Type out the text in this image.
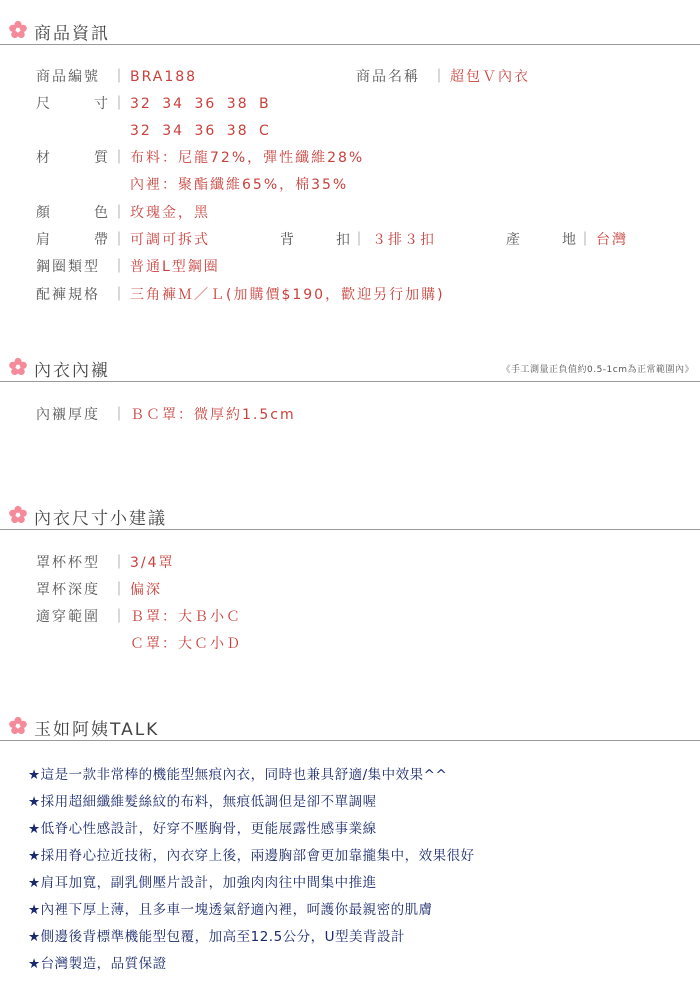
商品資訊
商品編號 ｜ BRA188	商品名稱 ｜ 超包Ｖ內衣
尺	寸 ｜ 32 34 36 38 B
32 34 36 38 C
材	質 ｜ 布料：尼龍72%，彈性纖維28%
內裡：聚酯纖維65%，棉35%
顏	色 ｜ 玫瑰金，黑
肩	帶 ｜ 可調可拆式	背	扣 ｜ ３排３扣	產	地 ｜ 台灣
鋼圈類型 ｜ 普通L型鋼圈
配褲規格 ｜ 三角褲Ｍ／Ｌ(加購價$190，歡迎另行加購)
內衣內襯	《手工測量正負值約0.5-1cm為正常範圍內》
內襯厚度 ｜ ＢＣ罩：微厚約1.5cm
內衣尺寸小建議
罩杯杯型 ｜ 3/4罩
罩杯深度 ｜ 偏深
適穿範圍 ｜ Ｂ罩：大Ｂ小Ｃ
Ｃ罩：大Ｃ小Ｄ
玉如阿姨TALK
★這是一款非常棒的機能型無痕內衣，同時也兼具舒適/集中效果^^
★採用超細纖維髮絲紋的布料，無痕低調但是卻不單調喔
★低脊心性感設計，好穿不壓胸骨，更能展露性感事業線
★採用脊心拉近技術，內衣穿上後，兩邊胸部會更加靠攏集中，效果很好
★肩耳加寬，副乳側壓片設計，加強肉肉往中間集中推進
★內裡下厚上薄，且多車一塊透氣舒適內裡，呵護你最親密的肌膚
★側邊後背標準機能型包覆，加高至12.5公分，U型美背設計
★台灣製造，品質保證
